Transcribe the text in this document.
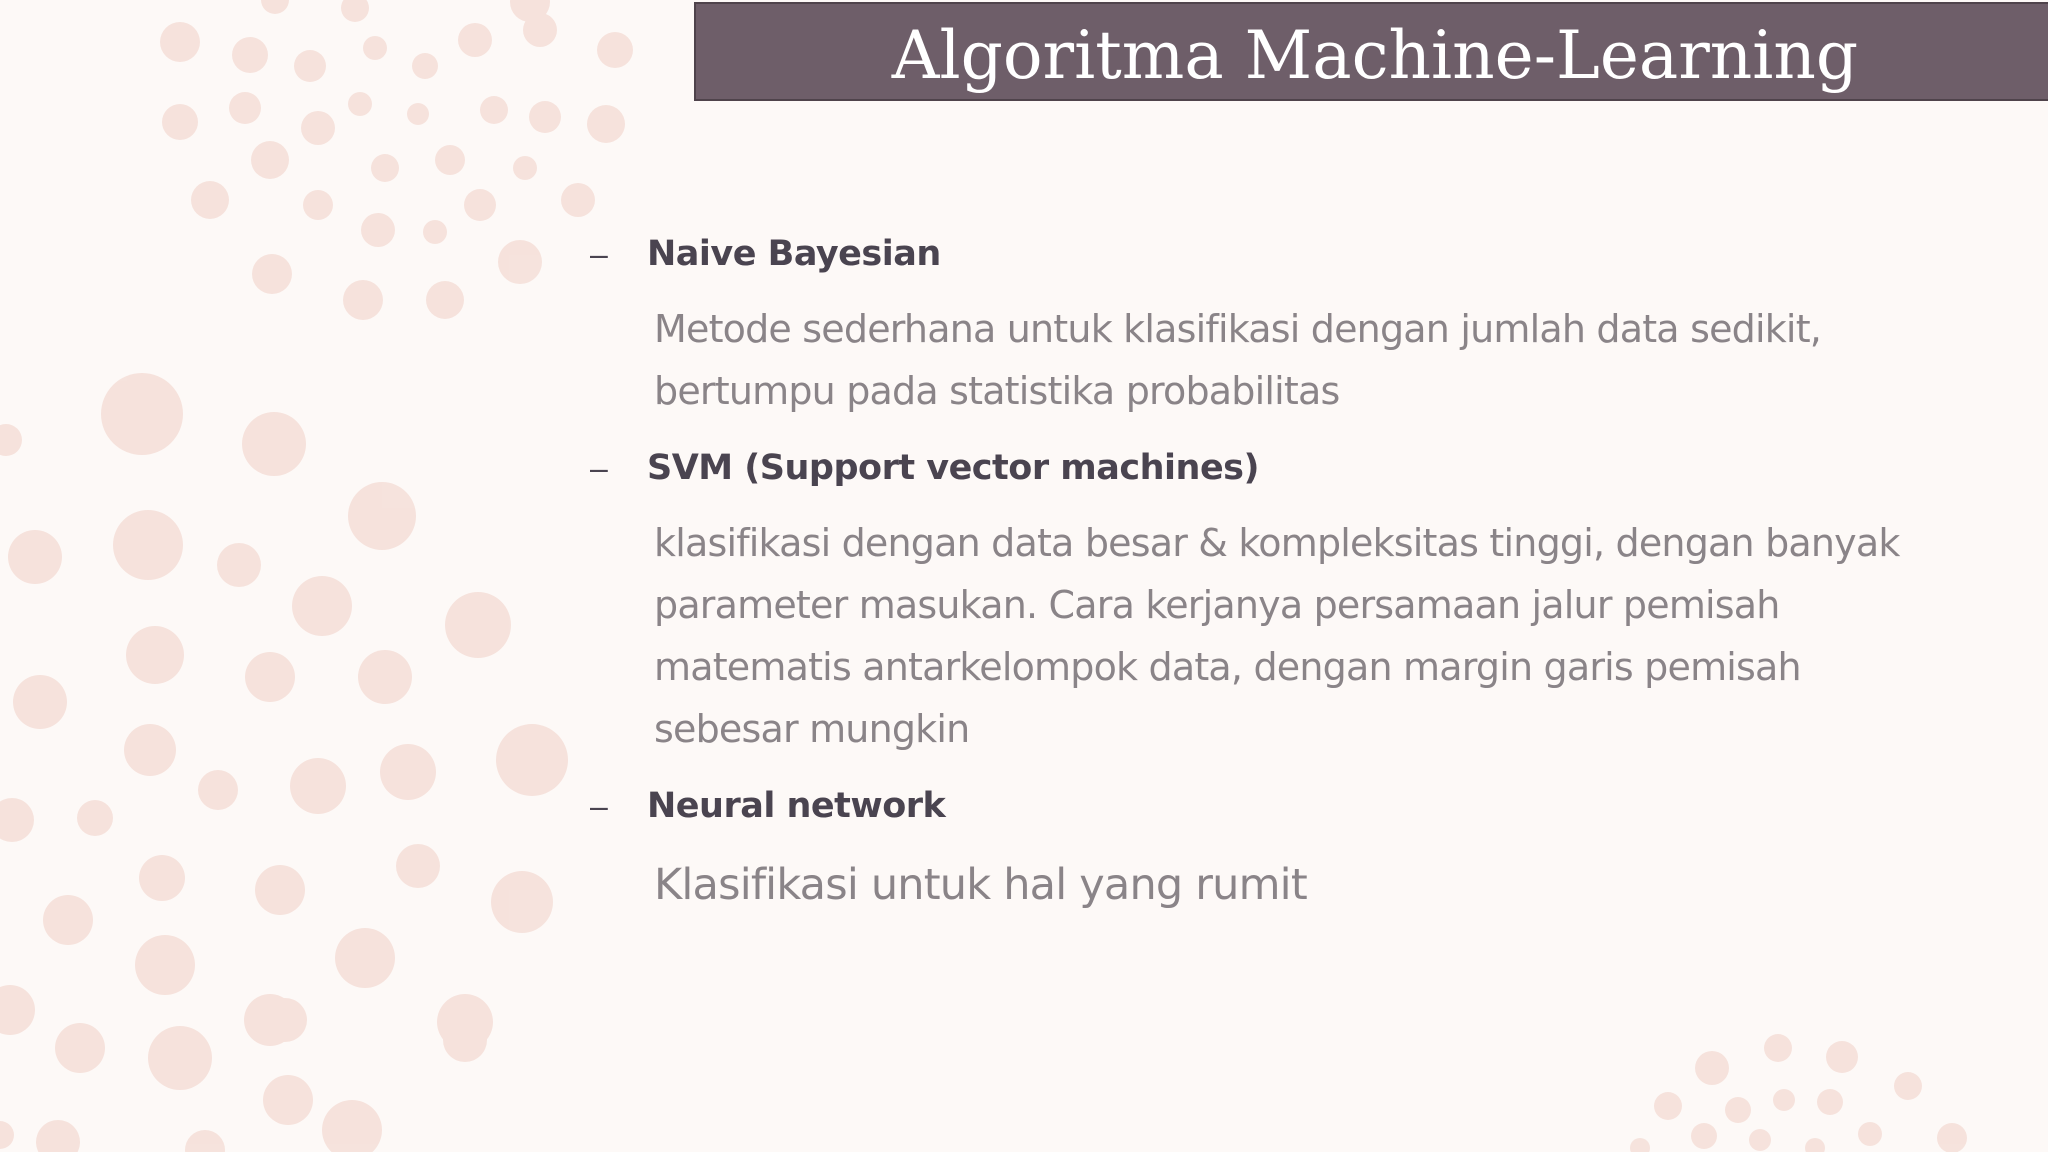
Algoritma Machine-Learning
–	Naive Bayesian
Metode sederhana untuk klasifikasi dengan jumlah data sedikit,
bertumpu pada statistika probabilitas
–	SVM (Support vector machines)
klasifikasi dengan data besar & kompleksitas tinggi, dengan banyak
parameter masukan. Cara kerjanya persamaan jalur pemisah
matematis antarkelompok data, dengan margin garis pemisah
sebesar mungkin
–	Neural network
Klasifikasi untuk hal yang rumit
